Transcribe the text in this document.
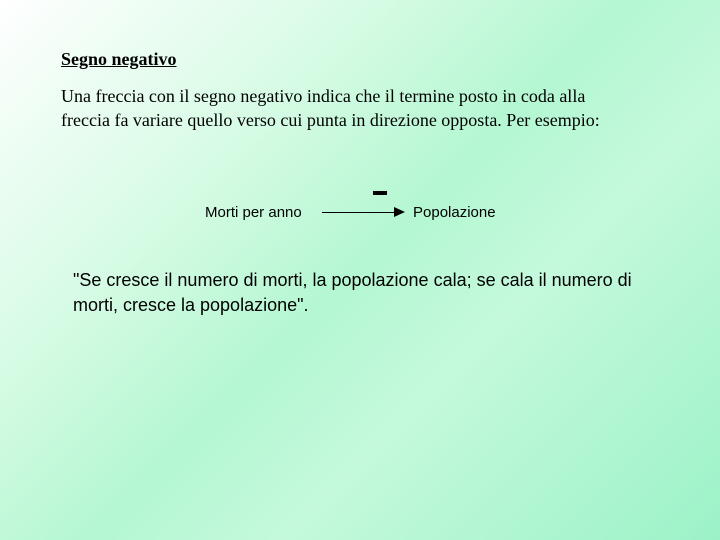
Segno negativo
Una freccia con il segno negativo indica che il termine posto in coda alla freccia fa variare quello verso cui punta in direzione opposta. Per esempio:
Morti per anno	Popolazione
"Se cresce il numero di morti, la popolazione cala; se cala il numero di morti, cresce la popolazione".
